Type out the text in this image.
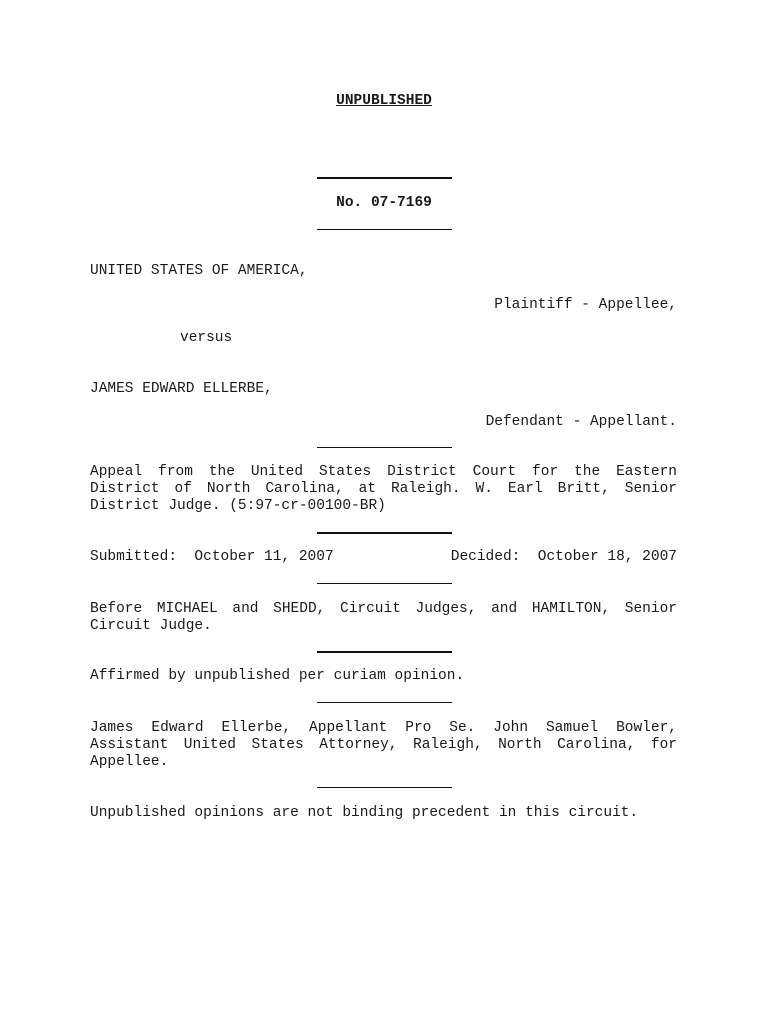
UNPUBLISHED
No. 07-7169
UNITED STATES OF AMERICA,
Plaintiff - Appellee,
versus
JAMES EDWARD ELLERBE,
Defendant - Appellant.
Appeal from the United States District Court for the Eastern District of North Carolina, at Raleigh. W. Earl Britt, Senior District Judge. (5:97-cr-00100-BR)
Submitted:  October 11, 2007	Decided:  October 18, 2007
Before MICHAEL and SHEDD, Circuit Judges, and HAMILTON, Senior Circuit Judge.
Affirmed by unpublished per curiam opinion.
James Edward Ellerbe, Appellant Pro Se. John Samuel Bowler, Assistant United States Attorney, Raleigh, North Carolina, for Appellee.
Unpublished opinions are not binding precedent in this circuit.
